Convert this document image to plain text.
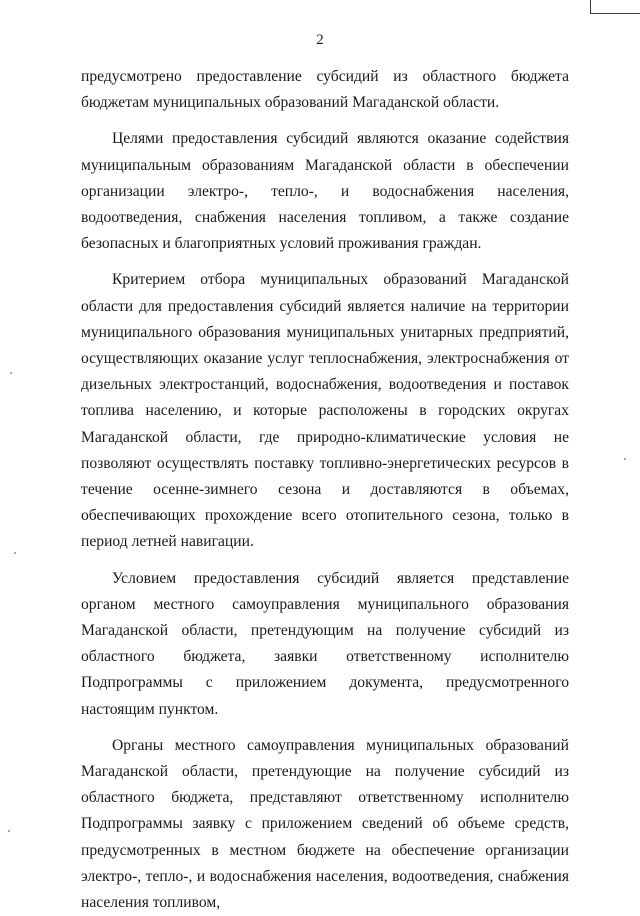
2

предусмотрено предоставление субсидий из областного бюджета бюджетам муниципальных образований Магаданской области.

Целями предоставления субсидий являются оказание содействия муниципальным образованиям Магаданской области в обеспечении организации электро-, тепло-, и водоснабжения населения, водоотведения, снабжения населения топливом, а также создание безопасных и благоприятных условий проживания граждан.

Критерием отбора муниципальных образований Магаданской области для предоставления субсидий является наличие на территории муниципального образования муниципальных унитарных предприятий, осуществляющих оказание услуг теплоснабжения, электроснабжения от дизельных электростанций, водоснабжения, водоотведения и поставок топлива населению, и которые расположены в городских округах Магаданской области, где природно-климатические условия не позволяют осуществлять поставку топливно-энергетических ресурсов в течение осенне-зимнего сезона и доставляются в объемах, обеспечивающих прохождение всего отопительного сезона, только в период летней навигации.

Условием предоставления субсидий является представление органом местного самоуправления муниципального образования Магаданской области, претендующим на получение субсидий из областного бюджета, заявки ответственному исполнителю Подпрограммы с приложением документа, предусмотренного настоящим пунктом.

Органы местного самоуправления муниципальных образований Магаданской области, претендующие на получение субсидий из областного бюджета, представляют ответственному исполнителю Подпрограммы заявку с приложением сведений об объеме средств, предусмотренных в местном бюджете на обеспечение организации электро-, тепло-, и водоснабжения населения, водоотведения, снабжения населения топливом,
